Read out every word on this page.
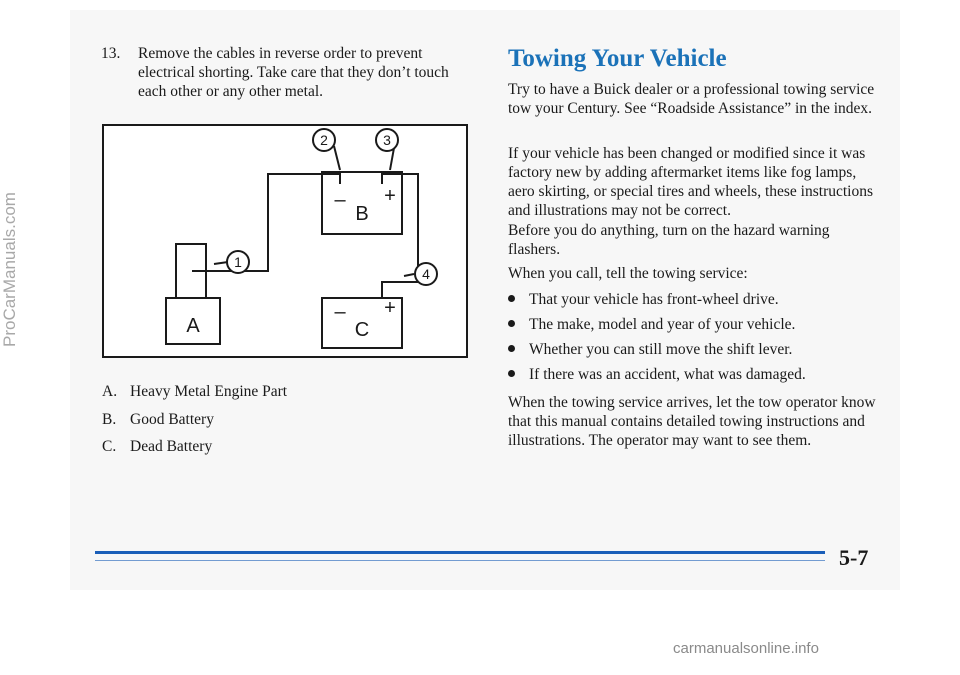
ProCarManuals.com
13. Remove the cables in reverse order to prevent electrical shorting. Take care that they don’t touch each other or any other metal.
2	3
1
4
B
C
A
– +
– +
A. Heavy Metal Engine Part
B. Good Battery
C. Dead Battery
Towing Your Vehicle
Try to have a Buick dealer or a professional towing service tow your Century. See “Roadside Assistance” in the index.
If your vehicle has been changed or modified since it was factory new by adding aftermarket items like fog lamps, aero skirting, or special tires and wheels, these instructions and illustrations may not be correct.
Before you do anything, turn on the hazard warning flashers.
When you call, tell the towing service:
That your vehicle has front-wheel drive.
The make, model and year of your vehicle.
Whether you can still move the shift lever.
If there was an accident, what was damaged.
When the towing service arrives, let the tow operator know that this manual contains detailed towing instructions and illustrations. The operator may want to see them.
5-7
carmanualsonline.info
